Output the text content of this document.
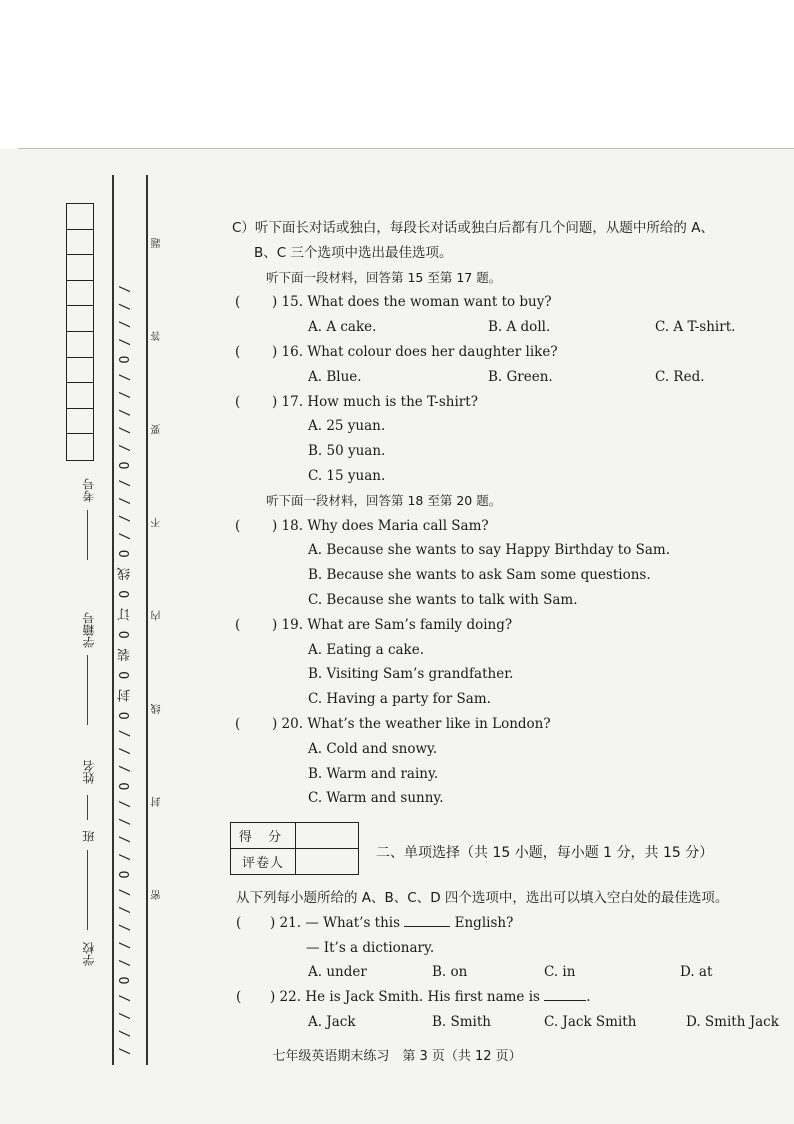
/ / / / O / / / / / O / / / / O / / / O 封 O 装 O 订 O 线 O / / / / O / / / / / O / / / /
考号
学籍号
姓名
班
学校
密 封 线 内 不 要 答 题	C）听下面长对话或独白，每段长对话或独白后都有几个问题，从题中所给的 A、
B、C 三个选项中选出最佳选项。
听下面一段材料，回答第 15 至第 17 题。
( ) 15. What does the woman want to buy?
A. A cake.	B. A doll.	C. A T-shirt.
( ) 16. What colour does her daughter like?
A. Blue.	B. Green.	C. Red.
( ) 17. How much is the T-shirt?
A. 25 yuan.
B. 50 yuan.
C. 15 yuan.
听下面一段材料，回答第 18 至第 20 题。
( ) 18. Why does Maria call Sam?
A. Because she wants to say Happy Birthday to Sam.
B. Because she wants to ask Sam some questions.
C. Because she wants to talk with Sam.
( ) 19. What are Sam’s family doing?
A. Eating a cake.
B. Visiting Sam’s grandfather.
C. Having a party for Sam.
( ) 20. What’s the weather like in London?
A. Cold and snowy.
B. Warm and rainy.
C. Warm and sunny.
得 分	
评卷人	
二、单项选择（共 15 小题，每小题 1 分，共 15 分）
从下列每小题所给的 A、B、C、D 四个选项中，选出可以填入空白处的最佳选项。
( ) 21. — What’s this	English?
— It’s a dictionary.
A. under	B. on	C. in	D. at
( ) 22. He is Jack Smith. His first name is	.
A. Jack	B. Smith	C. Jack Smith	D. Smith Jack
七年级英语期末练习　第 3 页（共 12 页）
